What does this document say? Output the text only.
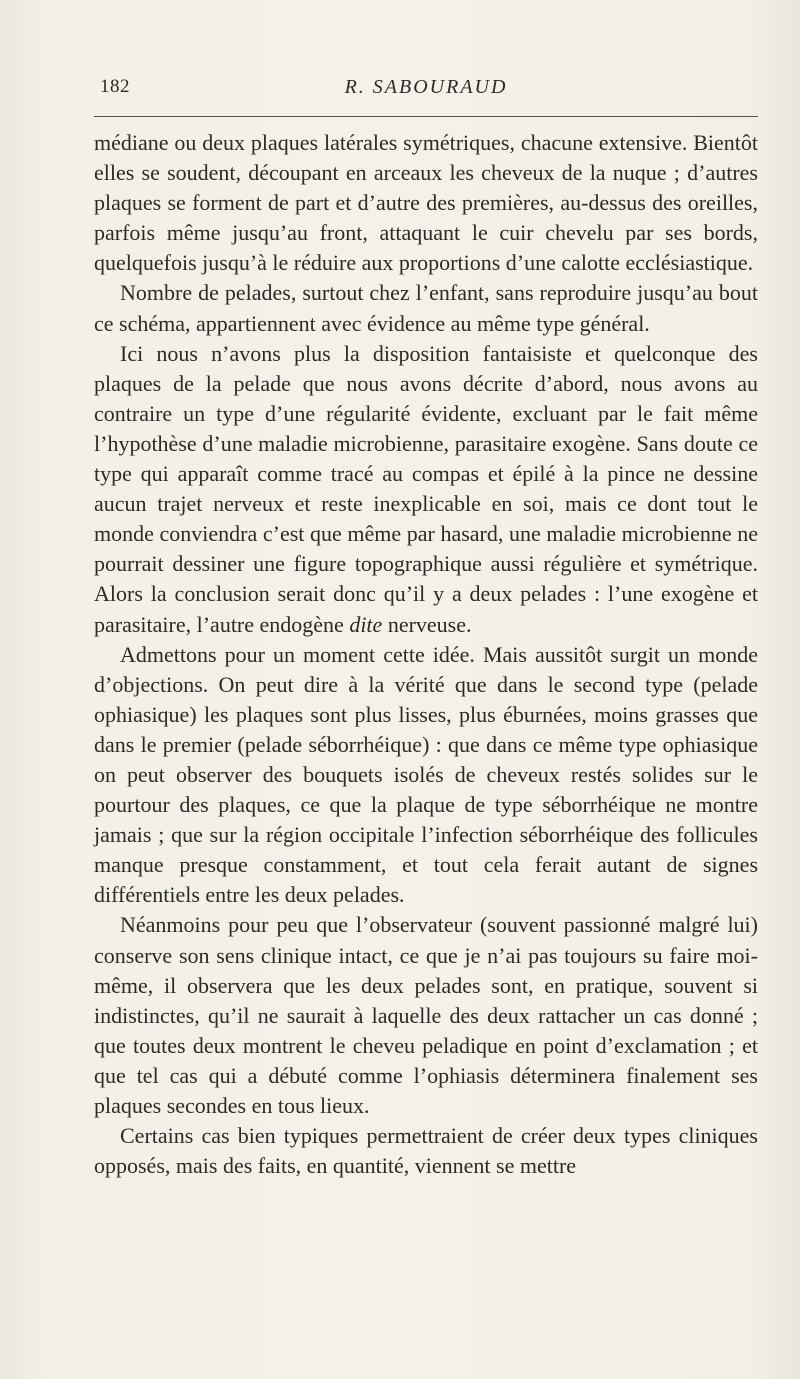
182	R. SABOURAUD

médiane ou deux plaques latérales symétriques, chacune extensive. Bientôt elles se soudent, découpant en arceaux les cheveux de la nuque ; d’autres plaques se forment de part et d’autre des premières, au-dessus des oreilles, parfois même jusqu’au front, attaquant le cuir chevelu par ses bords, quelquefois jusqu’à le réduire aux proportions d’une calotte ecclésiastique.

Nombre de pelades, surtout chez l’enfant, sans reproduire jusqu’au bout ce schéma, appartiennent avec évidence au même type général.

Ici nous n’avons plus la disposition fantaisiste et quelconque des plaques de la pelade que nous avons décrite d’abord, nous avons au contraire un type d’une régularité évidente, excluant par le fait même l’hypothèse d’une maladie microbienne, parasitaire exogène. Sans doute ce type qui apparaît comme tracé au compas et épilé à la pince ne dessine aucun trajet nerveux et reste inexplicable en soi, mais ce dont tout le monde conviendra c’est que même par hasard, une maladie microbienne ne pourrait dessiner une figure topographique aussi régulière et symétrique. Alors la conclusion serait donc qu’il y a deux pelades : l’une exogène et parasitaire, l’autre endogène dite nerveuse.

Admettons pour un moment cette idée. Mais aussitôt surgit un monde d’objections. On peut dire à la vérité que dans le second type (pelade ophiasique) les plaques sont plus lisses, plus éburnées, moins grasses que dans le premier (pelade séborrhéique) : que dans ce même type ophiasique on peut observer des bouquets isolés de cheveux restés solides sur le pourtour des plaques, ce que la plaque de type séborrhéique ne montre jamais ; que sur la région occipitale l’infection séborrhéique des follicules manque presque constamment, et tout cela ferait autant de signes différentiels entre les deux pelades.

Néanmoins pour peu que l’observateur (souvent passionné malgré lui) conserve son sens clinique intact, ce que je n’ai pas toujours su faire moi-même, il observera que les deux pelades sont, en pratique, souvent si indistinctes, qu’il ne saurait à laquelle des deux rattacher un cas donné ; que toutes deux montrent le cheveu peladique en point d’exclamation ; et que tel cas qui a débuté comme l’ophiasis déterminera finalement ses plaques secondes en tous lieux.

Certains cas bien typiques permettraient de créer deux types cliniques opposés, mais des faits, en quantité, viennent se mettre
